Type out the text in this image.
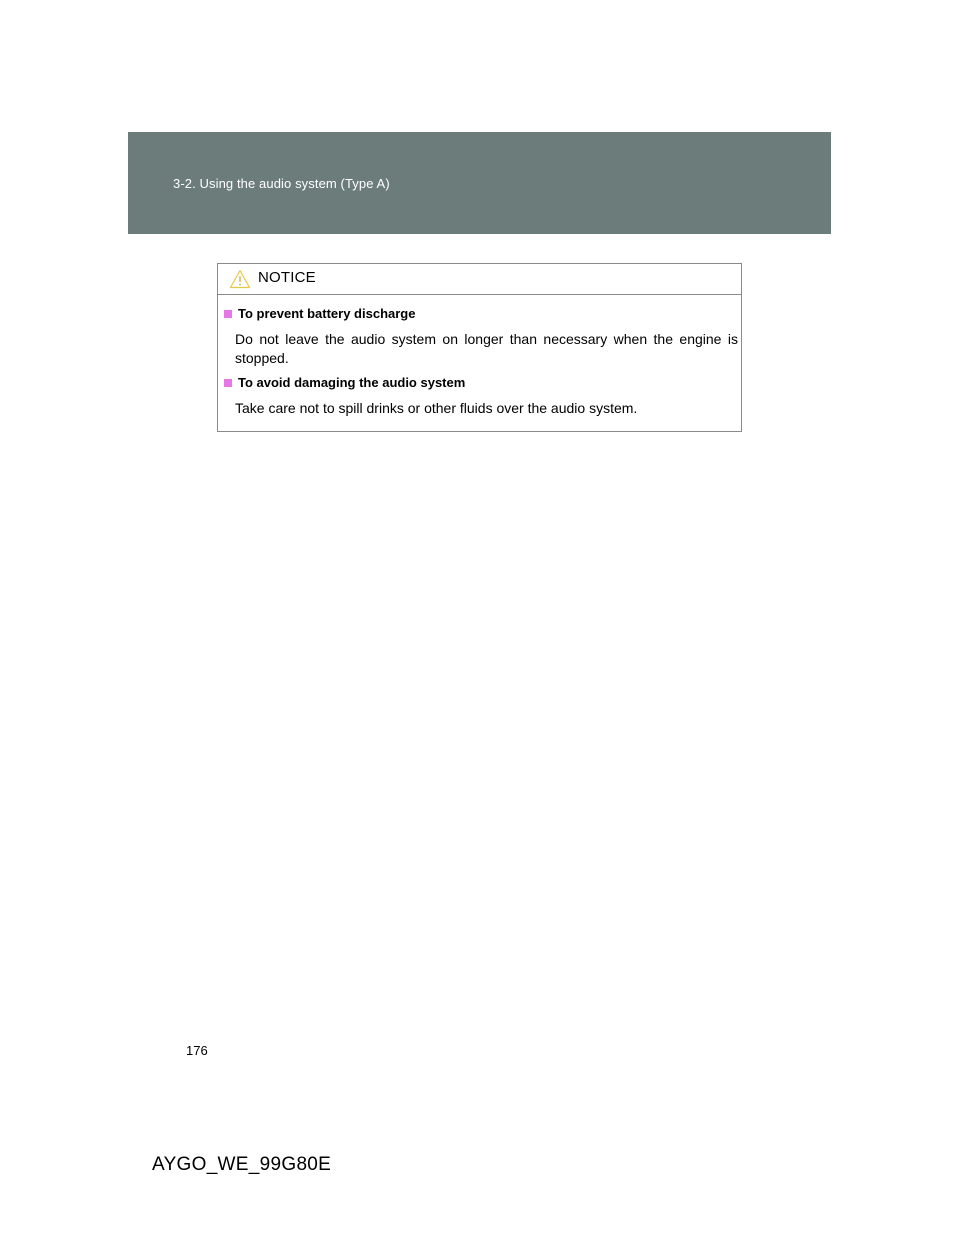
3-2. Using the audio system (Type A)
NOTICE
To prevent battery discharge
Do not leave the audio system on longer than necessary when the engine is stopped.
To avoid damaging the audio system
Take care not to spill drinks or other fluids over the audio system.
176
AYGO_WE_99G80E
